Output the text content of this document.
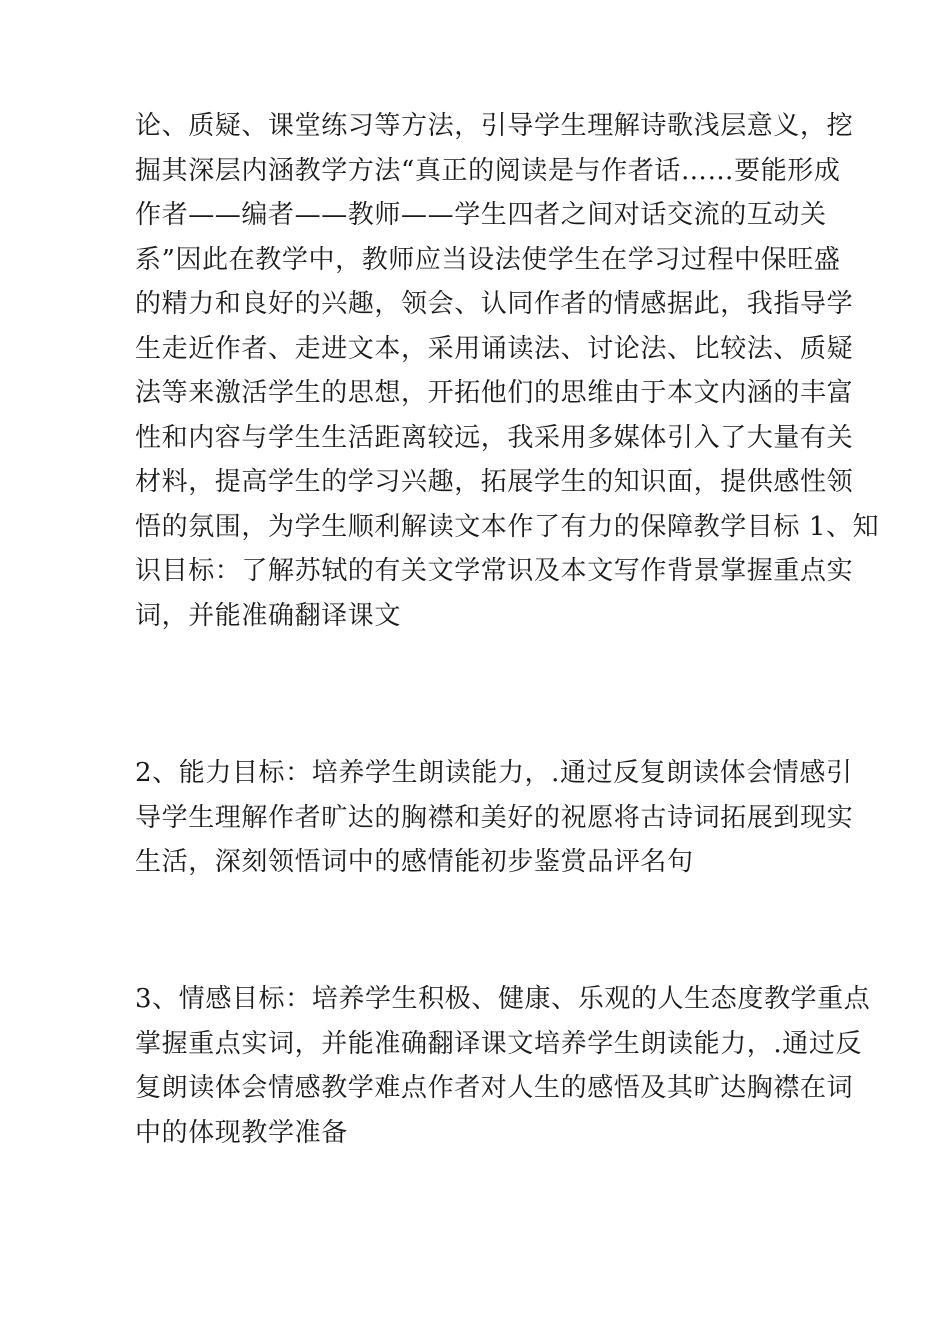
论、质疑、课堂练习等方法，引导学生理解诗歌浅层意义，挖
掘其深层内涵教学方法“真正的阅读是与作者话……要能形成
作者——编者——教师——学生四者之间对话交流的互动关
系”因此在教学中，教师应当设法使学生在学习过程中保旺盛
的精力和良好的兴趣，领会、认同作者的情感据此，我指导学
生走近作者、走进文本，采用诵读法、讨论法、比较法、质疑
法等来激活学生的思想，开拓他们的思维由于本文内涵的丰富
性和内容与学生生活距离较远，我采用多媒体引入了大量有关
材料，提高学生的学习兴趣，拓展学生的知识面，提供感性领
悟的氛围，为学生顺利解读文本作了有力的保障教学目标 1、知
识目标：了解苏轼的有关文学常识及本文写作背景掌握重点实
词，并能准确翻译课文
2、能力目标：培养学生朗读能力，.通过反复朗读体会情感引
导学生理解作者旷达的胸襟和美好的祝愿将古诗词拓展到现实
生活，深刻领悟词中的感情能初步鉴赏品评名句
3、情感目标：培养学生积极、健康、乐观的人生态度教学重点
掌握重点实词，并能准确翻译课文培养学生朗读能力，.通过反
复朗读体会情感教学难点作者对人生的感悟及其旷达胸襟在词
中的体现教学准备
